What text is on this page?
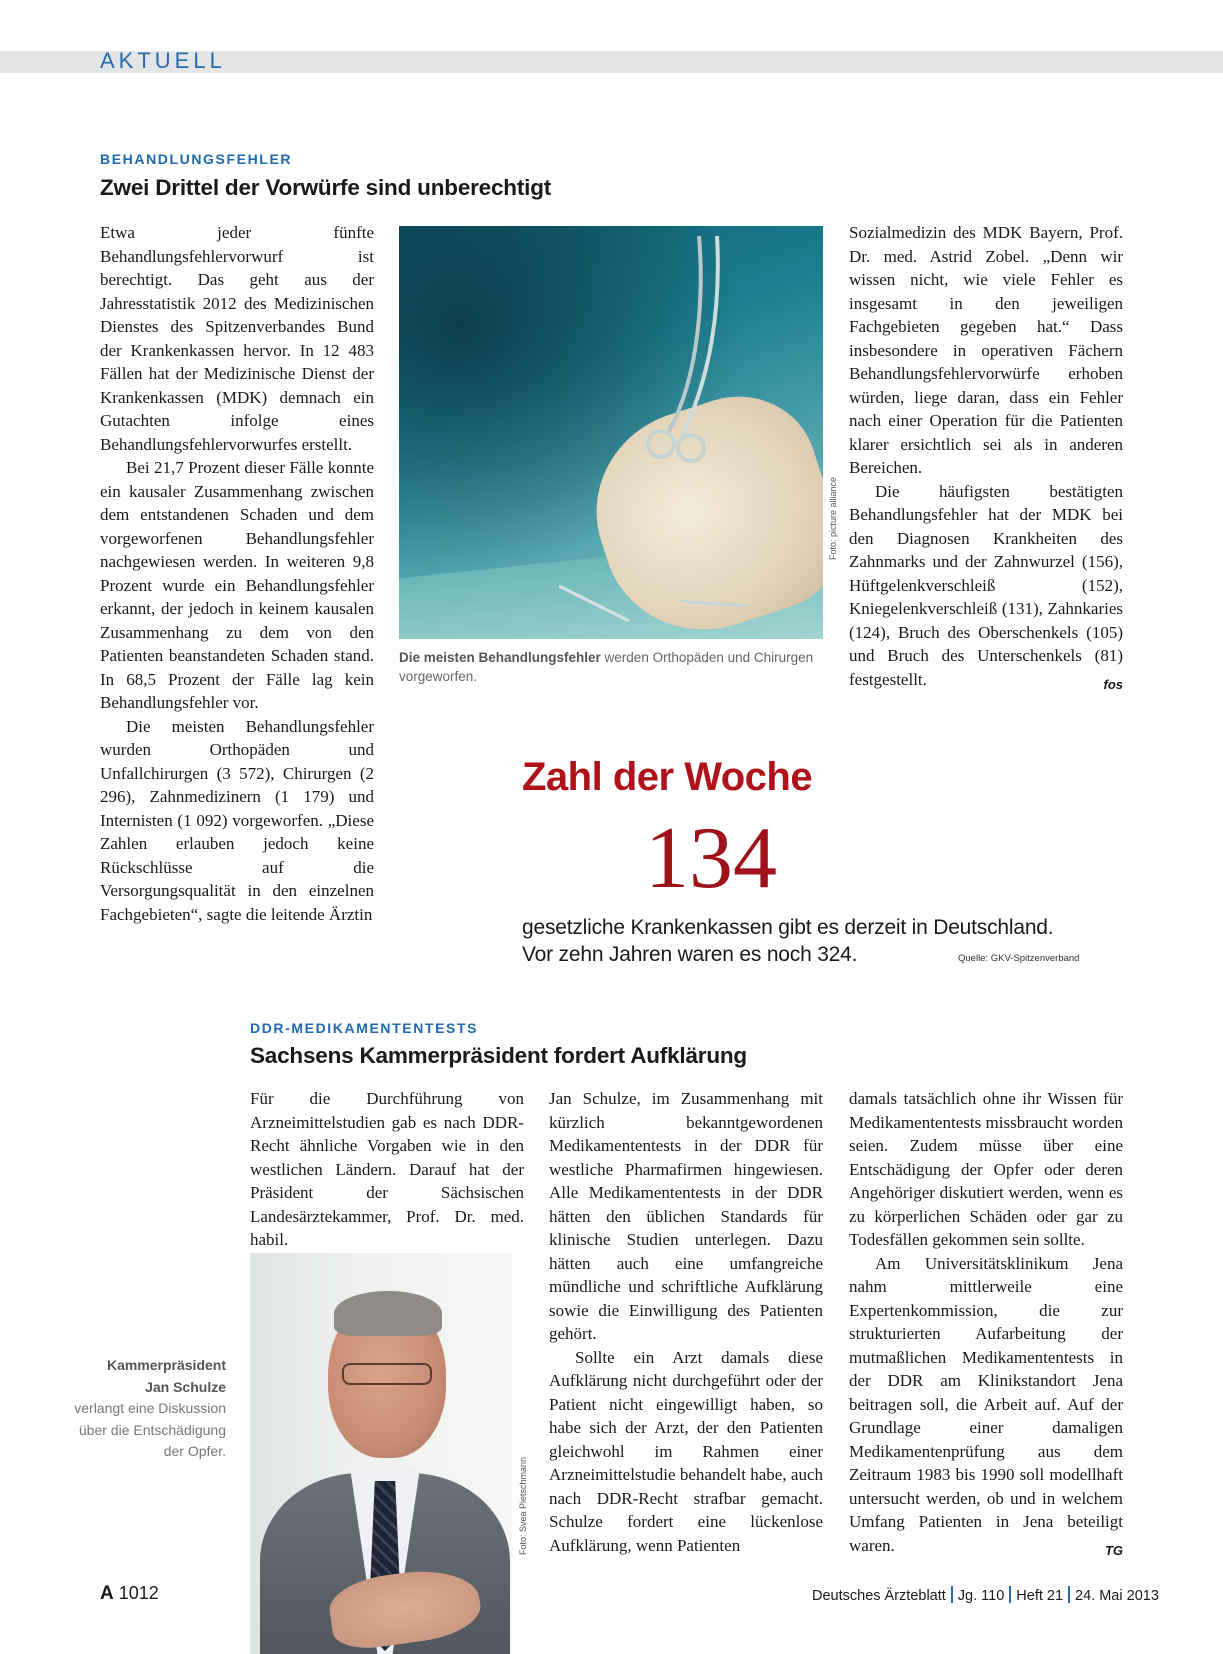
AKTUELL
BEHANDLUNGSFEHLER
Zwei Drittel der Vorwürfe sind unberechtigt

Etwa jeder fünfte Behandlungsfehlervorwurf ist berechtigt. Das geht aus der Jahresstatistik 2012 des Medizinischen Dienstes des Spitzenverbandes Bund der Krankenkassen hervor. In 12 483 Fällen hat der Medizinische Dienst der Krankenkassen (MDK) demnach ein Gutachten infolge eines Behandlungsfehlervorwurfes erstellt.

Bei 21,7 Prozent dieser Fälle konnte ein kausaler Zusammenhang zwischen dem entstandenen Schaden und dem vorgeworfenen Behandlungsfehler nachgewiesen werden. In weiteren 9,8 Prozent wurde ein Behandlungsfehler erkannt, der jedoch in keinem kausalen Zusammenhang zu dem von den Patienten beanstandeten Schaden stand. In 68,5 Prozent der Fälle lag kein Behandlungsfehler vor.

Die meisten Behandlungsfehler wurden Orthopäden und Unfallchirurgen (3 572), Chirurgen (2 296), Zahnmedizinern (1 179) und Internisten (1 092) vorgeworfen. „Diese Zahlen erlauben jedoch keine Rückschlüsse auf die Versorgungsqualität in den einzelnen Fachgebieten“, sagte die leitende Ärztin

Foto: picture alliance
Die meisten Behandlungsfehler werden Orthopäden und Chirurgen vorgeworfen.

Sozialmedizin des MDK Bayern, Prof. Dr. med. Astrid Zobel. „Denn wir wissen nicht, wie viele Fehler es insgesamt in den jeweiligen Fachgebieten gegeben hat.“ Dass insbesondere in operativen Fächern Behandlungsfehlervorwürfe erhoben würden, liege daran, dass ein Fehler nach einer Operation für die Patienten klarer ersichtlich sei als in anderen Bereichen.

Die häufigsten bestätigten Behandlungsfehler hat der MDK bei den Diagnosen Krankheiten des Zahnmarks und der Zahnwurzel (156), Hüftgelenkverschleiß (152), Kniegelenkverschleiß (131), Zahnkaries (124), Bruch des Oberschenkels (105) und Bruch des Unterschenkels (81) festgestellt.	fos

Zahl der Woche
134
gesetzliche Krankenkassen gibt es derzeit in Deutschland.
Vor zehn Jahren waren es noch 324.	Quelle: GKV-Spitzenverband
DDR-MEDIKAMENTENTESTS
Sachsens Kammerpräsident fordert Aufklärung

Für die Durchführung von Arzneimittelstudien gab es nach DDR-Recht ähnliche Vorgaben wie in den westlichen Ländern. Darauf hat der Präsident der Sächsischen Landesärztekammer, Prof. Dr. med. habil.

Jan Schulze, im Zusammenhang mit kürzlich bekanntgewordenen Medikamententests in der DDR für westliche Pharmafirmen hingewiesen. Alle Medikamententests in der DDR hätten den üblichen Standards für klinische Studien unterlegen. Dazu hätten auch eine umfangreiche mündliche und schriftliche Aufklärung sowie die Einwilligung des Patienten gehört.

Sollte ein Arzt damals diese Aufklärung nicht durchgeführt oder der Patient nicht eingewilligt haben, so habe sich der Arzt, der den Patienten gleichwohl im Rahmen einer Arzneimittelstudie behandelt habe, auch nach DDR-Recht strafbar gemacht. Schulze fordert eine lückenlose Aufklärung, wenn Patienten

damals tatsächlich ohne ihr Wissen für Medikamententests missbraucht worden seien. Zudem müsse über eine Entschädigung der Opfer oder deren Angehöriger diskutiert werden, wenn es zu körperlichen Schäden oder gar zu Todesfällen gekommen sein sollte.

Am Universitätsklinikum Jena nahm mittlerweile eine Expertenkommission, die zur strukturierten Aufarbeitung der mutmaßlichen Medikamententests in der DDR am Klinikstandort Jena beitragen soll, die Arbeit auf. Auf der Grundlage einer damaligen Medikamentenprüfung aus dem Zeitraum 1983 bis 1990 soll modellhaft untersucht werden, ob und in welchem Umfang Patienten in Jena beteiligt waren.	TG

Foto: Svea Pietschmann
Kammerpräsident
Jan Schulze
verlangt eine Diskussion über die Entschädigung der Opfer.
A 1012	Deutsches Ärzteblatt Jg. 110 Heft 21 24. Mai 2013
